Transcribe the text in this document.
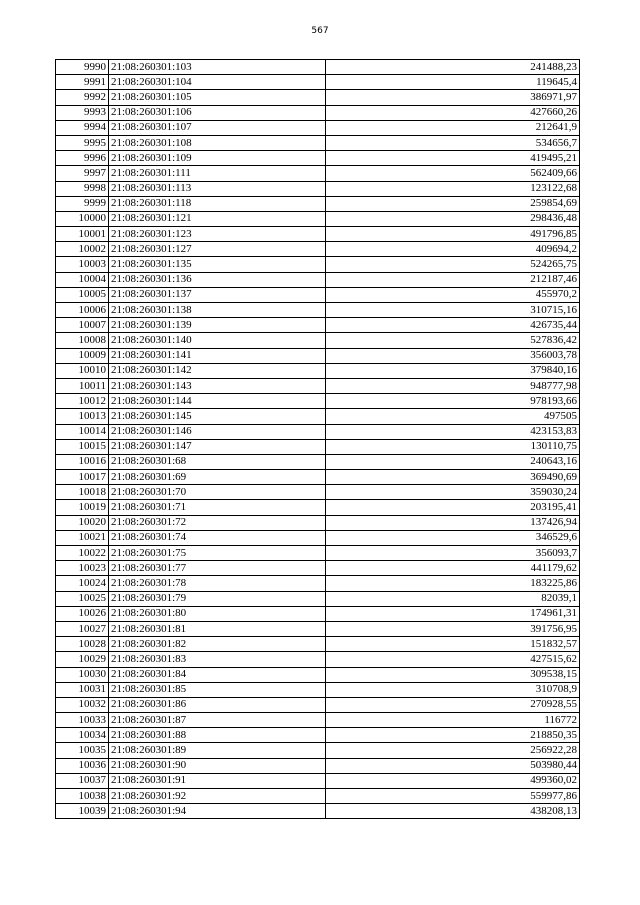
567
9990	21:08:260301:103	241488,23
9991	21:08:260301:104	119645,4
9992	21:08:260301:105	386971,97
9993	21:08:260301:106	427660,26
9994	21:08:260301:107	212641,9
9995	21:08:260301:108	534656,7
9996	21:08:260301:109	419495,21
9997	21:08:260301:111	562409,66
9998	21:08:260301:113	123122,68
9999	21:08:260301:118	259854,69
10000	21:08:260301:121	298436,48
10001	21:08:260301:123	491796,85
10002	21:08:260301:127	409694,2
10003	21:08:260301:135	524265,75
10004	21:08:260301:136	212187,46
10005	21:08:260301:137	455970,2
10006	21:08:260301:138	310715,16
10007	21:08:260301:139	426735,44
10008	21:08:260301:140	527836,42
10009	21:08:260301:141	356003,78
10010	21:08:260301:142	379840,16
10011	21:08:260301:143	948777,98
10012	21:08:260301:144	978193,66
10013	21:08:260301:145	497505
10014	21:08:260301:146	423153,83
10015	21:08:260301:147	130110,75
10016	21:08:260301:68	240643,16
10017	21:08:260301:69	369490,69
10018	21:08:260301:70	359030,24
10019	21:08:260301:71	203195,41
10020	21:08:260301:72	137426,94
10021	21:08:260301:74	346529,6
10022	21:08:260301:75	356093,7
10023	21:08:260301:77	441179,62
10024	21:08:260301:78	183225,86
10025	21:08:260301:79	82039,1
10026	21:08:260301:80	174961,31
10027	21:08:260301:81	391756,95
10028	21:08:260301:82	151832,57
10029	21:08:260301:83	427515,62
10030	21:08:260301:84	309538,15
10031	21:08:260301:85	310708,9
10032	21:08:260301:86	270928,55
10033	21:08:260301:87	116772
10034	21:08:260301:88	218850,35
10035	21:08:260301:89	256922,28
10036	21:08:260301:90	503980,44
10037	21:08:260301:91	499360,02
10038	21:08:260301:92	559977,86
10039	21:08:260301:94	438208,13
